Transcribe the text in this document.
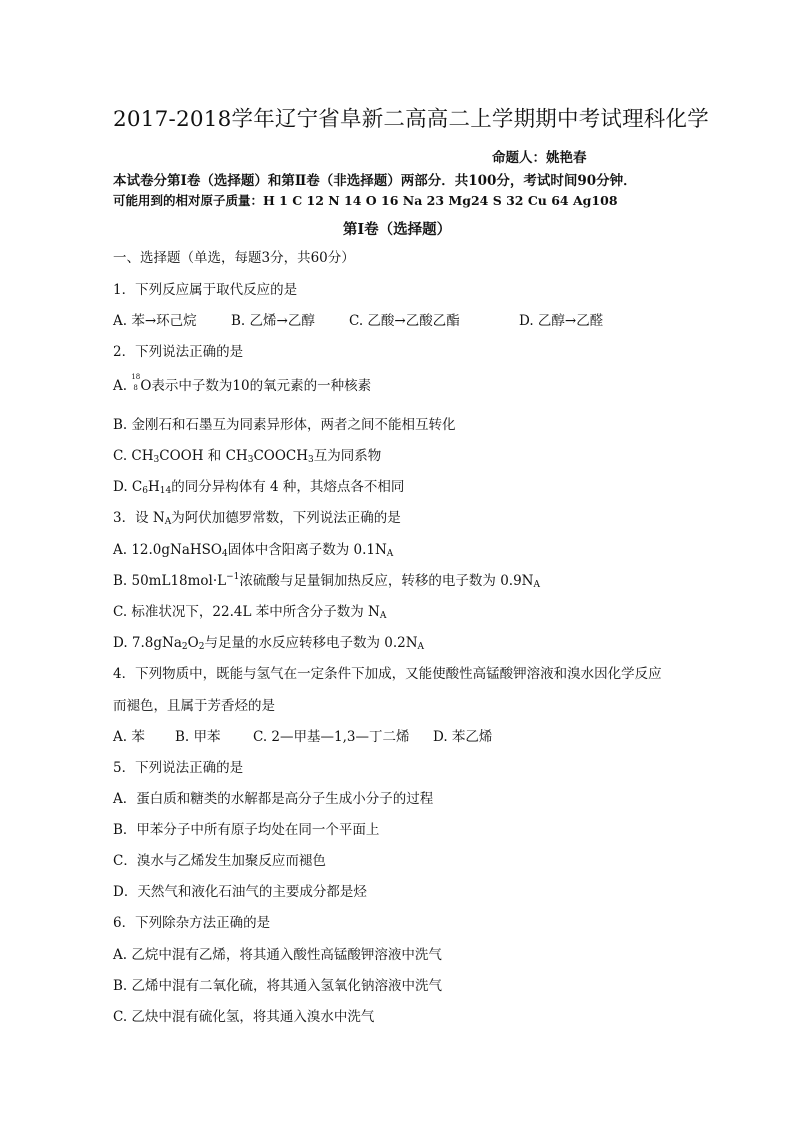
2017-2018学年辽宁省阜新二高高二上学期期中考试理科化学
命题人：姚艳春
本试卷分第Ⅰ卷（选择题）和第Ⅱ卷（非选择题）两部分．共100分，考试时间90分钟．
可能用到的相对原子质量：H 1 C 12 N 14 O 16 Na 23 Mg24 S 32 Cu 64 Ag108
第Ⅰ卷（选择题）
一、选择题（单选，每题3分，共60分）
1．下列反应属于取代反应的是
A. 苯→环己烷	B. 乙烯→乙醇	C. 乙酸→乙酸乙酯	D. 乙醇→乙醛
2．下列说法正确的是
A.
18
8 O表示中子数为10的氧元素的一种核素
B. 金刚石和石墨互为同素异形体，两者之间不能相互转化
C. $CH_3COOH$ 和 $CH_3COOCH_3$互为同系物
D. $C_6H_{14}$的同分异构体有 4 种，其熔点各不相同
3．设 $N_A$为阿伏加德罗常数，下列说法正确的是
A. 12.0gNaHSO$_4$固体中含阳离子数为 $0.1N_A$
B. $50mL18mol\cdot L^{-1}$浓硫酸与足量铜加热反应，转移的电子数为 $0.9N_A$
C. 标准状况下，22.4L 苯中所含分子数为 $N_A$
D. $7.8gNa_2O_2$与足量的水反应转移电子数为 $0.2N_A$
4．下列物质中，既能与氢气在一定条件下加成，又能使酸性高锰酸钾溶液和溴水因化学反应
而褪色，且属于芳香烃的是
A. 苯 B. 甲苯 C. 2—甲基—1,3—丁二烯 D. 苯乙烯
5．下列说法正确的是
A．蛋白质和糖类的水解都是高分子生成小分子的过程
B．甲苯分子中所有原子均处在同一个平面上
C．溴水与乙烯发生加聚反应而褪色
D．天然气和液化石油气的主要成分都是烃
6．下列除杂方法正确的是
A. 乙烷中混有乙烯，将其通入酸性高锰酸钾溶液中洗气
B. 乙烯中混有二氧化硫，将其通入氢氧化钠溶液中洗气
C. 乙炔中混有硫化氢，将其通入溴水中洗气
